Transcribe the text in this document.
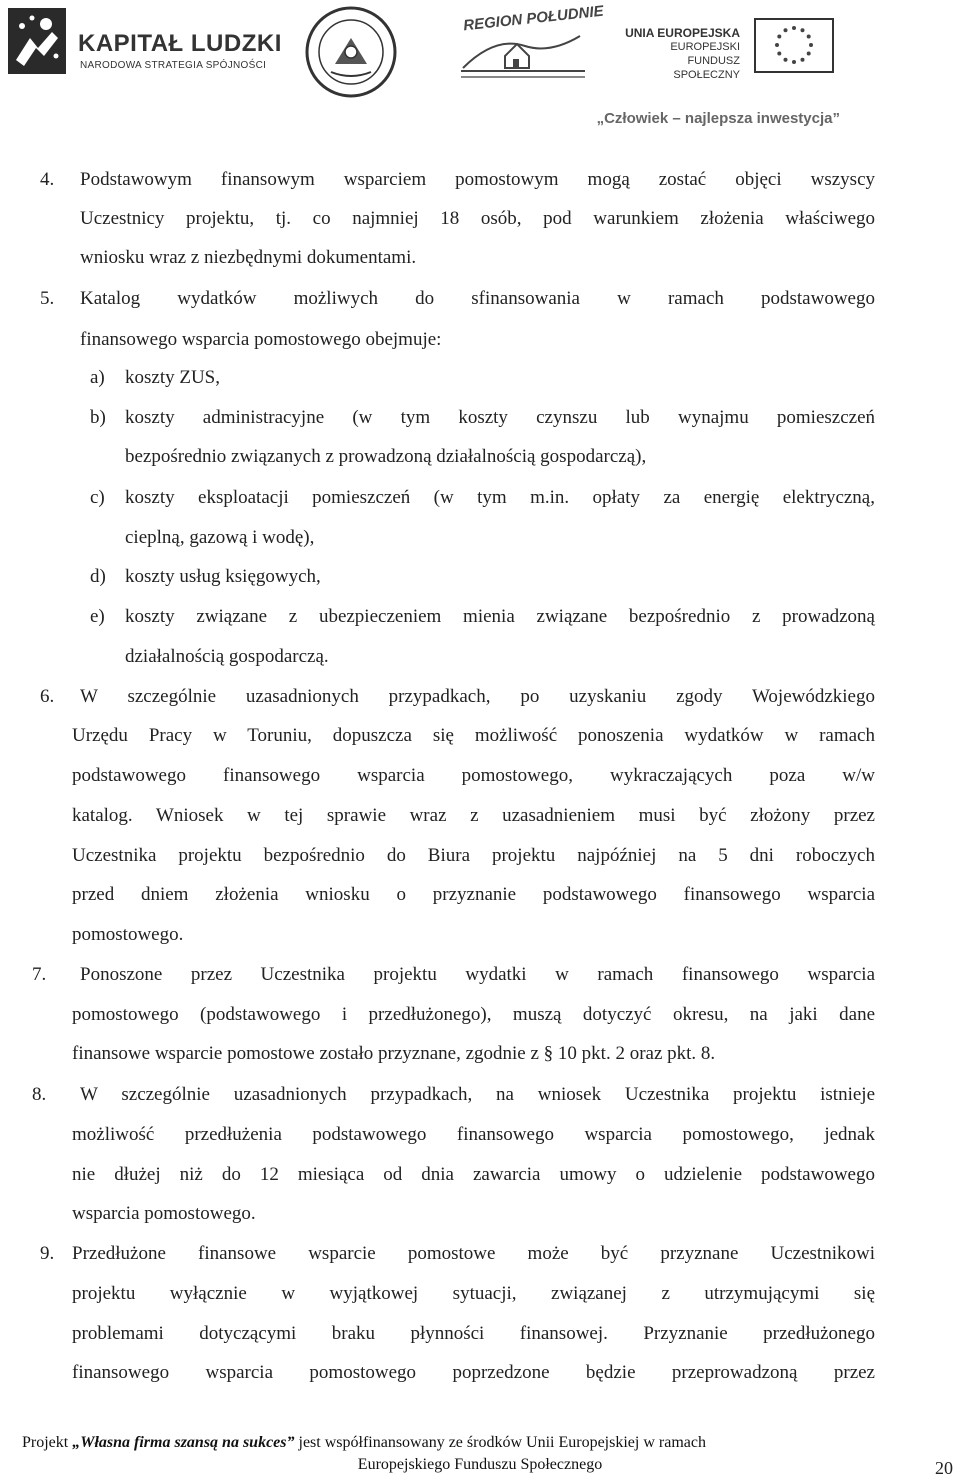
KAPITAŁ LUDZKI
NARODOWA STRATEGIA SPÓJNOŚCI
REGION POŁUDNIE UNIA EUROPEJSKA
EUROPEJSKI
FUNDUSZ SPOŁECZNY
„Człowiek – najlepsza inwestycja”
4. Podstawowym finansowym wsparciem pomostowym mogą zostać objęci wszyscy
Uczestnicy projektu, tj. co najmniej 18 osób, pod warunkiem złożenia właściwego
wniosku wraz z niezbędnymi dokumentami.
5. Katalog wydatków możliwych do sfinansowania w ramach podstawowego
finansowego wsparcia pomostowego obejmuje:
a) koszty ZUS,
b) koszty administracyjne (w tym koszty czynszu lub wynajmu pomieszczeń
bezpośrednio związanych z prowadzoną działalnością gospodarczą),
c) koszty eksploatacji pomieszczeń (w tym m.in. opłaty za energię elektryczną,
cieplną, gazową i wodę),
d) koszty usług księgowych,
e) koszty związane z ubezpieczeniem mienia związane bezpośrednio z prowadzoną
działalnością gospodarczą.
6. W szczególnie uzasadnionych przypadkach, po uzyskaniu zgody Wojewódzkiego
Urzędu Pracy w Toruniu, dopuszcza się możliwość ponoszenia wydatków w ramach
podstawowego finansowego wsparcia pomostowego, wykraczających poza w/w
katalog. Wniosek w tej sprawie wraz z uzasadnieniem musi być złożony przez
Uczestnika projektu bezpośrednio do Biura projektu najpóźniej na 5 dni roboczych
przed dniem złożenia wniosku o przyznanie podstawowego finansowego wsparcia
pomostowego.
7. Ponoszone przez Uczestnika projektu wydatki w ramach finansowego wsparcia
pomostowego (podstawowego i przedłużonego), muszą dotyczyć okresu, na jaki dane
finansowe wsparcie pomostowe zostało przyznane, zgodnie z § 10 pkt. 2 oraz pkt. 8.
8. W szczególnie uzasadnionych przypadkach, na wniosek Uczestnika projektu istnieje
możliwość przedłużenia podstawowego finansowego wsparcia pomostowego, jednak
nie dłużej niż do 12 miesiąca od dnia zawarcia umowy o udzielenie podstawowego
wsparcia pomostowego.
9. Przedłużone finansowe wsparcie pomostowe może być przyznane Uczestnikowi
projektu wyłącznie w wyjątkowej sytuacji, związanej z utrzymującymi się
problemami dotyczącymi braku płynności finansowej. Przyznanie przedłużonego
finansowego wsparcia pomostowego poprzedzone będzie przeprowadzoną przez
Projekt „Własna firma szansą na sukces” jest współfinansowany ze środków Unii Europejskiej w ramach
Europejskiego Funduszu Społecznego	20
